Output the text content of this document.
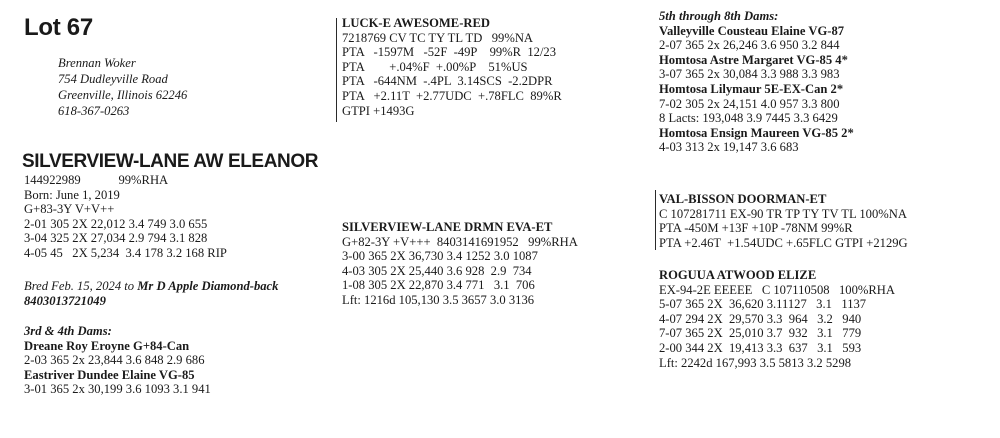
Lot 67
Brennan Woker
754 Dudleyville Road
Greenville, Illinois 62246
618-367-0263
SILVERVIEW-LANE AW ELEANOR
144922989	99%RHA
Born: June 1, 2019
G+83-3Y V+V++
2-01 305 2X 22,012 3.4 749 3.0 655
3-04 325 2X 27,034 2.9 794 3.1 828
4-05 45   2X 5,234  3.4 178 3.2 168 RIP
Bred Feb. 15, 2024 to Mr D Apple Diamond-back 8403013721049
3rd & 4th Dams:
Dreane Roy Eroyne G+84-Can
2-03 365 2x 23,844 3.6 848 2.9 686
Eastriver Dundee Elaine VG-85
3-01 365 2x 30,199 3.6 1093 3.1 941
LUCK-E AWESOME-RED
7218769 CV TC TY TL TD   99%NA
PTA   -1597M   -52F  -49P    99%R  12/23
PTA        +.04%F  +.00%P    51%US
PTA   -644NM  -.4PL  3.14SCS  -2.2DPR
PTA   +2.11T  +2.77UDC  +.78FLC  89%R
GTPI +1493G
SILVERVIEW-LANE DRMN EVA-ET
G+82-3Y +V+++  8403141691952   99%RHA
3-00 365 2X 36,730 3.4 1252 3.0 1087
4-03 305 2X 25,440 3.6 928  2.9  734
1-08 305 2X 22,870 3.4 771   3.1  706
Lft: 1216d 105,130 3.5 3657 3.0 3136
5th through 8th Dams:
Valleyville Cousteau Elaine VG-87
2-07 365 2x 26,246 3.6 950 3.2 844
Homtosa Astre Margaret VG-85 4*
3-07 365 2x 30,084 3.3 988 3.3 983
Homtosa Lilymaur 5E-EX-Can 2*
7-02 305 2x 24,151 4.0 957 3.3 800
8 Lacts: 193,048 3.9 7445 3.3 6429
Homtosa Ensign Maureen VG-85 2*
4-03 313 2x 19,147 3.6 683
VAL-BISSON DOORMAN-ET
C 107281711 EX-90 TR TP TY TV TL 100%NA
PTA -450M +13F +10P -78NM 99%R
PTA +2.46T  +1.54UDC +.65FLC GTPI +2129G
ROGUUA ATWOOD ELIZE
EX-94-2E EEEEE   C 107110508   100%RHA
5-07 365 2X  36,620 3.11127   3.1   1137
4-07 294 2X  29,570 3.3  964   3.2   940
7-07 365 2X  25,010 3.7  932   3.1   779
2-00 344 2X  19,413 3.3  637   3.1   593
Lft: 2242d 167,993 3.5 5813 3.2 5298
